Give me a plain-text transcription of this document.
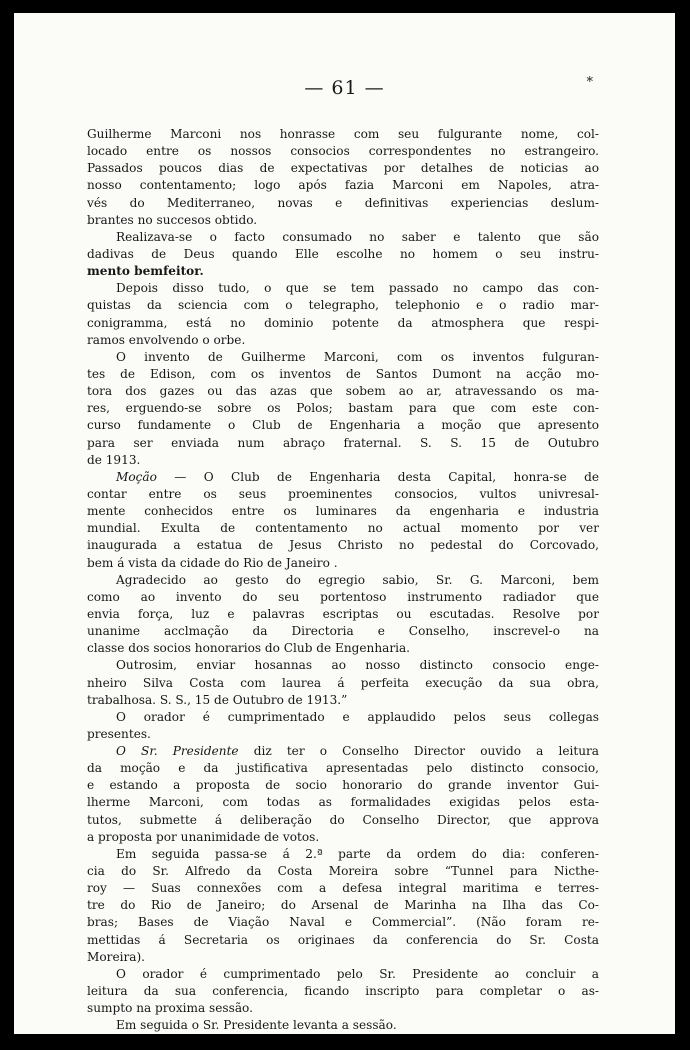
— 61 —	*
Guilherme Marconi nos honrasse com seu fulgurante nome, col-
locado entre os nossos consocios correspondentes no estrangeiro.
Passados poucos dias de expectativas por detalhes de noticias ao
nosso contentamento; logo após fazia Marconi em Napoles, atra-
vés do Mediterraneo, novas e definitivas experiencias deslum-
brantes no succesos obtido.
Realizava-se o facto consumado no saber e talento que são
dadivas de Deus quando Elle escolhe no homem o seu instru-
mento bemfeitor.
Depois disso tudo, o que se tem passado no campo das con-
quistas da sciencia com o telegrapho, telephonio e o radio mar-
conigramma, está no dominio potente da atmosphera que respi-
ramos envolvendo o orbe.
O invento de Guilherme Marconi, com os inventos fulguran-
tes de Edison, com os inventos de Santos Dumont na acção mo-
tora dos gazes ou das azas que sobem ao ar, atravessando os ma-
res, erguendo-se sobre os Polos; bastam para que com este con-
curso fundamente o Club de Engenharia a moção que apresento
para ser enviada num abraço fraternal. S. S. 15 de Outubro
de 1913.
Moção — O Club de Engenharia desta Capital, honra-se de
contar entre os seus proeminentes consocios, vultos univresal-
mente conhecidos entre os luminares da engenharia e industria
mundial. Exulta de contentamento no actual momento por ver
inaugurada a estatua de Jesus Christo no pedestal do Corcovado,
bem á vista da cidade do Rio de Janeiro .
Agradecido ao gesto do egregio sabio, Sr. G. Marconi, bem
como ao invento do seu portentoso instrumento radiador que
envia força, luz e palavras escriptas ou escutadas. Resolve por
unanime acclmação da Directoria e Conselho, inscrevel-o na
classe dos socios honorarios do Club de Engenharia.
Outrosim, enviar hosannas ao nosso distincto consocio enge-
nheiro Silva Costa com laurea á perfeita execução da sua obra,
trabalhosa. S. S., 15 de Outubro de 1913.”
O orador é cumprimentado e applaudido pelos seus collegas
presentes.
O Sr. Presidente diz ter o Conselho Director ouvido a leitura
da moção e da justificativa apresentadas pelo distincto consocio,
e estando a proposta de socio honorario do grande inventor Gui-
lherme Marconi, com todas as formalidades exigidas pelos esta-
tutos, submette á deliberação do Conselho Director, que approva
a proposta por unanimidade de votos.
Em seguida passa-se á 2.ª parte da ordem do dia: conferen-
cia do Sr. Alfredo da Costa Moreira sobre “Tunnel para Nicthe-
roy — Suas connexões com a defesa integral maritima e terres-
tre do Rio de Janeiro; do Arsenal de Marinha na Ilha das Co-
bras; Bases de Viação Naval e Commercial”. (Não foram re-
mettidas á Secretaria os originaes da conferencia do Sr. Costa
Moreira).
O orador é cumprimentado pelo Sr. Presidente ao concluir a
leitura da sua conferencia, ficando inscripto para completar o as-
sumpto na proxima sessão.
Em seguida o Sr. Presidente levanta a sessão.
